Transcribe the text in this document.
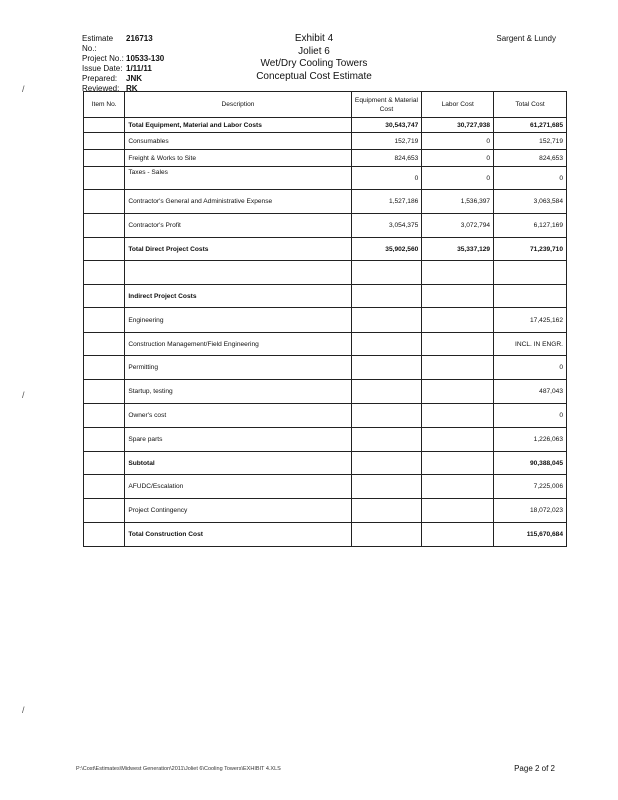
Estimate No.:
216713
Project No.: 10533-130
Issue Date: 1/11/11
Prepared:	JNK
Reviewed: RK
Exhibit 4
Joliet 6
Wet/Dry Cooling Towers
Conceptual Cost Estimate
Sargent & Lundy
/
/
/
Item No.	Description	Equipment & Material Cost	Labor Cost	Total Cost
	Total Equipment, Material and Labor Costs	30,543,747	30,727,938	61,271,685
	Consumables	152,719	0	152,719
	Freight & Works to Site	824,653	0	824,653
	Taxes - Sales	0	0	0
	Contractor's General and Administrative Expense	1,527,186	1,536,397	3,063,584
	Contractor's Profit	3,054,375	3,072,794	6,127,169
	Total Direct Project Costs	35,902,560	35,337,129	71,239,710

	Indirect Project Costs			
	Engineering			17,425,162
	Construction Management/Field Engineering			INCL. IN ENGR.
	Permitting			0
	Startup, testing			487,043
	Owner's cost			0
	Spare parts			1,226,063
	Subtotal			90,388,045
	AFUDC/Escalation			7,225,006
	Project Contingency			18,072,023
	Total Construction Cost			115,670,684
P:\Cost\Estimates\Midwest Generation\2011\Joliet 6\Cooling Towers\EXHIBIT 4.XLS	Page 2 of 2
